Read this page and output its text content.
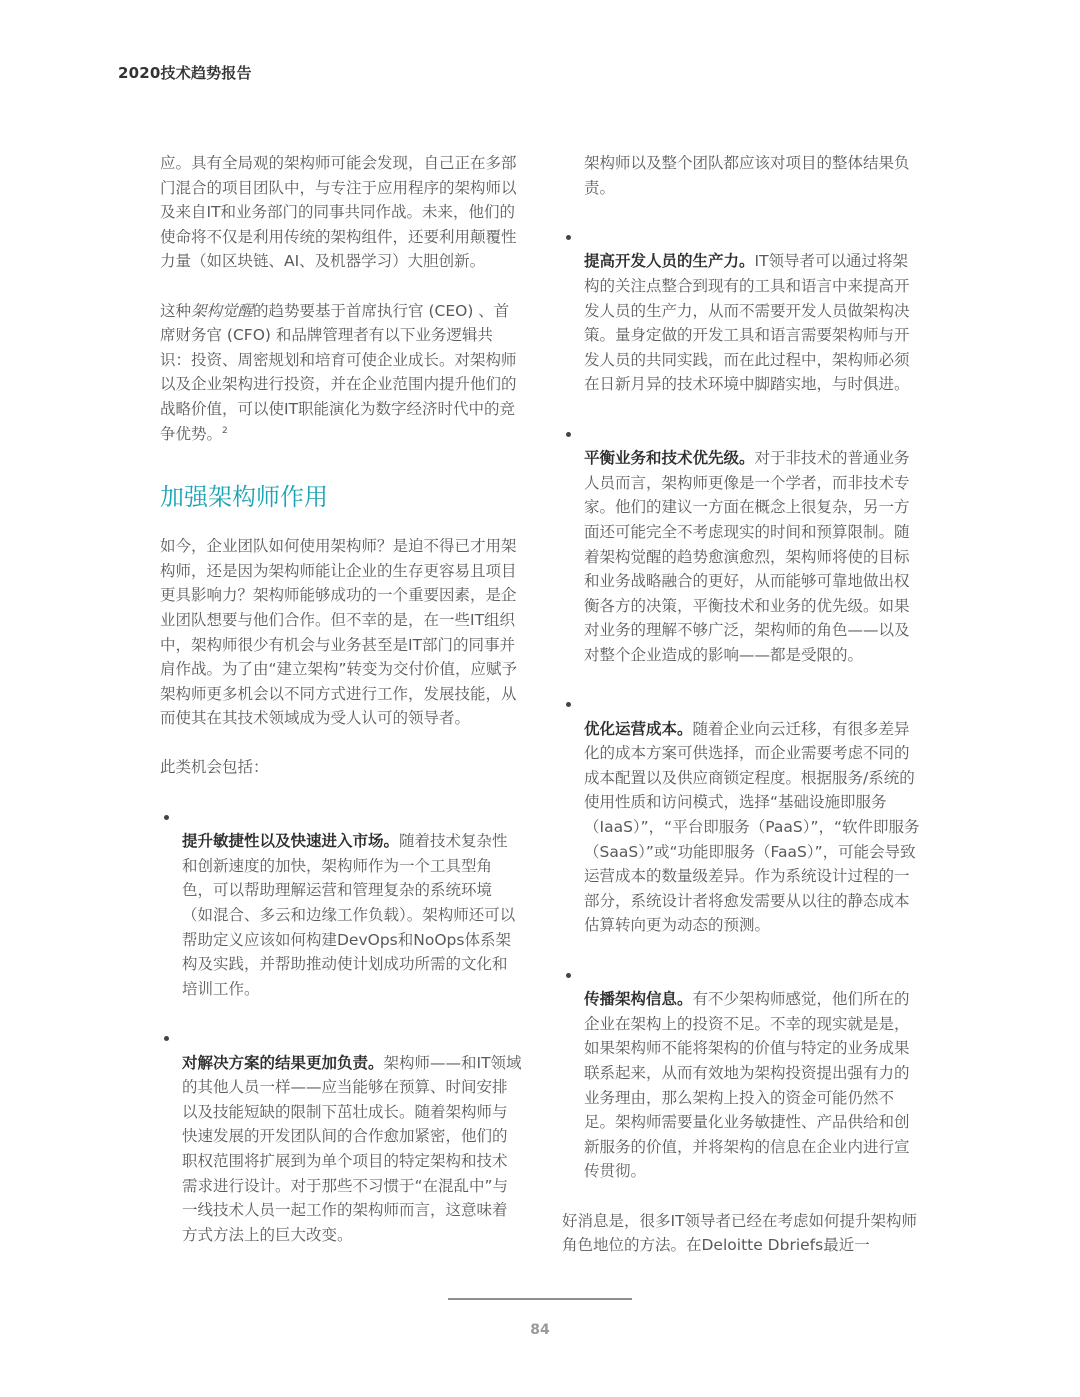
2020技术趋势报告

应。具有全局观的架构师可能会发现，自己正在多部门混合的项目团队中，与专注于应用程序的架构师以及来自IT和业务部门的同事共同作战。未来，他们的使命将不仅是利用传统的架构组件，还要利用颠覆性力量（如区块链、AI、及机器学习）大胆创新。

这种架构觉醒的趋势要基于首席执行官 (CEO) 、首席财务官 (CFO) 和品牌管理者有以下业务逻辑共识：投资、周密规划和培育可使企业成长。对架构师以及企业架构进行投资，并在企业范围内提升他们的战略价值，可以使IT职能演化为数字经济时代中的竞争优势。$^2$

加强架构师作用

如今，企业团队如何使用架构师？是迫不得已才用架构师，还是因为架构师能让企业的生存更容易且项目更具影响力？架构师能够成功的一个重要因素，是企业团队想要与他们合作。但不幸的是，在一些IT组织中，架构师很少有机会与业务甚至是IT部门的同事并肩作战。为了由“建立架构”转变为交付价值，应赋予架构师更多机会以不同方式进行工作，发展技能，从而使其在其技术领域成为受人认可的领导者。

此类机会包括：

提升敏捷性以及快速进入市场。随着技术复杂性和创新速度的加快，架构师作为一个工具型角色，可以帮助理解运营和管理复杂的系统环境（如混合、多云和边缘工作负载）。架构师还可以帮助定义应该如何构建DevOps和NoOps体系架构及实践，并帮助推动使计划成功所需的文化和培训工作。

对解决方案的结果更加负责。架构师——和IT领域的其他人员一样——应当能够在预算、时间安排以及技能短缺的限制下茁壮成长。随着架构师与快速发展的开发团队间的合作愈加紧密，他们的职权范围将扩展到为单个项目的特定架构和技术需求进行设计。对于那些不习惯于“在混乱中”与一线技术人员一起工作的架构师而言，这意味着方式方法上的巨大改变。

架构师以及整个团队都应该对项目的整体结果负责。

提高开发人员的生产力。IT领导者可以通过将架构的关注点整合到现有的工具和语言中来提高开发人员的生产力，从而不需要开发人员做架构决策。量身定做的开发工具和语言需要架构师与开发人员的共同实践，而在此过程中，架构师必须在日新月异的技术环境中脚踏实地，与时俱进。

平衡业务和技术优先级。对于非技术的普通业务人员而言，架构师更像是一个学者，而非技术专家。他们的建议一方面在概念上很复杂，另一方面还可能完全不考虑现实的时间和预算限制。随着架构觉醒的趋势愈演愈烈，架构师将使的目标和业务战略融合的更好，从而能够可靠地做出权衡各方的决策，平衡技术和业务的优先级。如果对业务的理解不够广泛，架构师的角色——以及对整个企业造成的影响——都是受限的。

优化运营成本。随着企业向云迁移，有很多差异化的成本方案可供选择，而企业需要考虑不同的成本配置以及供应商锁定程度。根据服务/系统的使用性质和访问模式，选择“基础设施即服务（IaaS）”，“平台即服务（PaaS）”，“软件即服务（SaaS）”或“功能即服务（FaaS）”，可能会导致运营成本的数量级差异。作为系统设计过程的一部分，系统设计者将愈发需要从以往的静态成本估算转向更为动态的预测。

传播架构信息。有不少架构师感觉，他们所在的企业在架构上的投资不足。不幸的现实就是是，如果架构师不能将架构的价值与特定的业务成果联系起来，从而有效地为架构投资提出强有力的业务理由，那么架构上投入的资金可能仍然不足。架构师需要量化业务敏捷性、产品供给和创新服务的价值，并将架构的信息在企业内进行宣传贯彻。

好消息是，很多IT领导者已经在考虑如何提升架构师角色地位的方法。在Deloitte Dbriefs最近一

84
